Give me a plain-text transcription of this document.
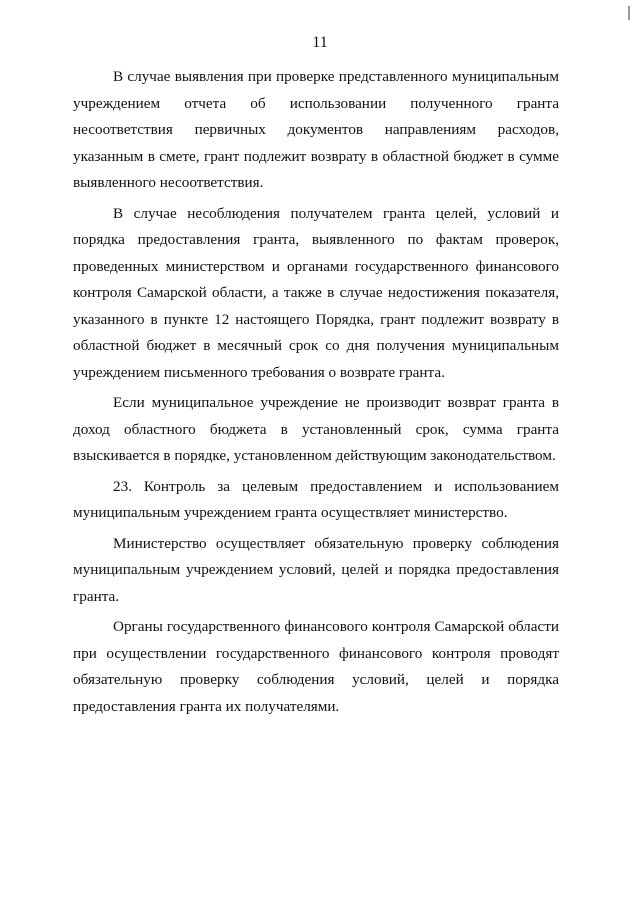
11

В случае выявления при проверке представленного муниципальным учреждением отчета об использовании полученного гранта несоответствия первичных документов направлениям расходов, указанным в смете, грант подлежит возврату в областной бюджет в сумме выявленного несоответствия.

В случае несоблюдения получателем гранта целей, условий и порядка предоставления гранта, выявленного по фактам проверок, проведенных министерством и органами государственного финансового контроля Самарской области, а также в случае недостижения показателя, указанного в пункте 12 настоящего Порядка, грант подлежит возврату в областной бюджет в месячный срок со дня получения муниципальным учреждением письменного требования о возврате гранта.

Если муниципальное учреждение не производит возврат гранта в доход областного бюджета в установленный срок, сумма гранта взыскивается в порядке, установленном действующим законодательством.

23. Контроль за целевым предоставлением и использованием муниципальным учреждением гранта осуществляет министерство.

Министерство осуществляет обязательную проверку соблюдения муниципальным учреждением условий, целей и порядка предоставления гранта.

Органы государственного финансового контроля Самарской области при осуществлении государственного финансового контроля проводят обязательную проверку соблюдения условий, целей и порядка предоставления гранта их получателями.
